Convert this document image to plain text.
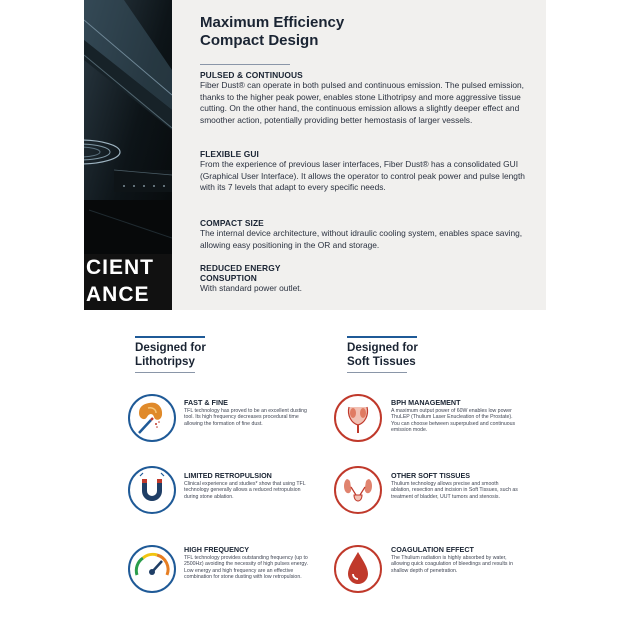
CIENT
ANCE
Maximum Efficiency
Compact Design
PULSED & CONTINUOUS

Fiber Dust® can operate in both pulsed and continuous emission. The pulsed emission, thanks to the higher peak power, enables stone Lithotripsy and more aggressive tissue cutting. On the other hand, the continuous emission allows a slightly deeper effect and smoother action, potentially providing better hemostasis of larger vessels.

FLEXIBLE GUI

From the experience of previous laser interfaces, Fiber Dust® has a consolidated GUI (Graphical User Interface). It allows the operator to control peak power and pulse length with its 7 levels that adapt to every specific needs.

COMPACT SIZE

The internal device architecture, without idraulic cooling system, enables space saving, allowing easy positioning in the OR and storage.

REDUCED ENERGY
CONSUPTION

With standard power outlet.

Designed for
Lithotripsy
Designed for
Soft Tissues
FAST & FINE

TFL technology has proved to be an excellent dusting tool. Its high frequency decreases procedural time allowing the formation of fine dust.

LIMITED RETROPULSION

Clinical experience and studies* show that using TFL technology generally allows a reduced retropulsion during stone ablation.

HIGH FREQUENCY

TFL technology provides outstanding frequency (up to 2500Hz) avoiding the necessity of high pulses energy. Low energy and high frequency are an effective combination for stone dusting with low retropulsion.

BPH MANAGEMENT

A maximum output power of 60W enables low power ThuLEP (Thulium Laser Enucleation of the Prostate). You can choose between superpulsed and continuous emission mode.

OTHER SOFT TISSUES

Thulium technology allows precise and smooth ablation, resection and incision in Soft Tissues, such as treatment of bladder, UUT tumors and stenosis.

COAGULATION EFFECT

The Thulium radiation is highly absorbed by water, allowing quick coagulation of bleedings and results in shallow depth of penetration.
